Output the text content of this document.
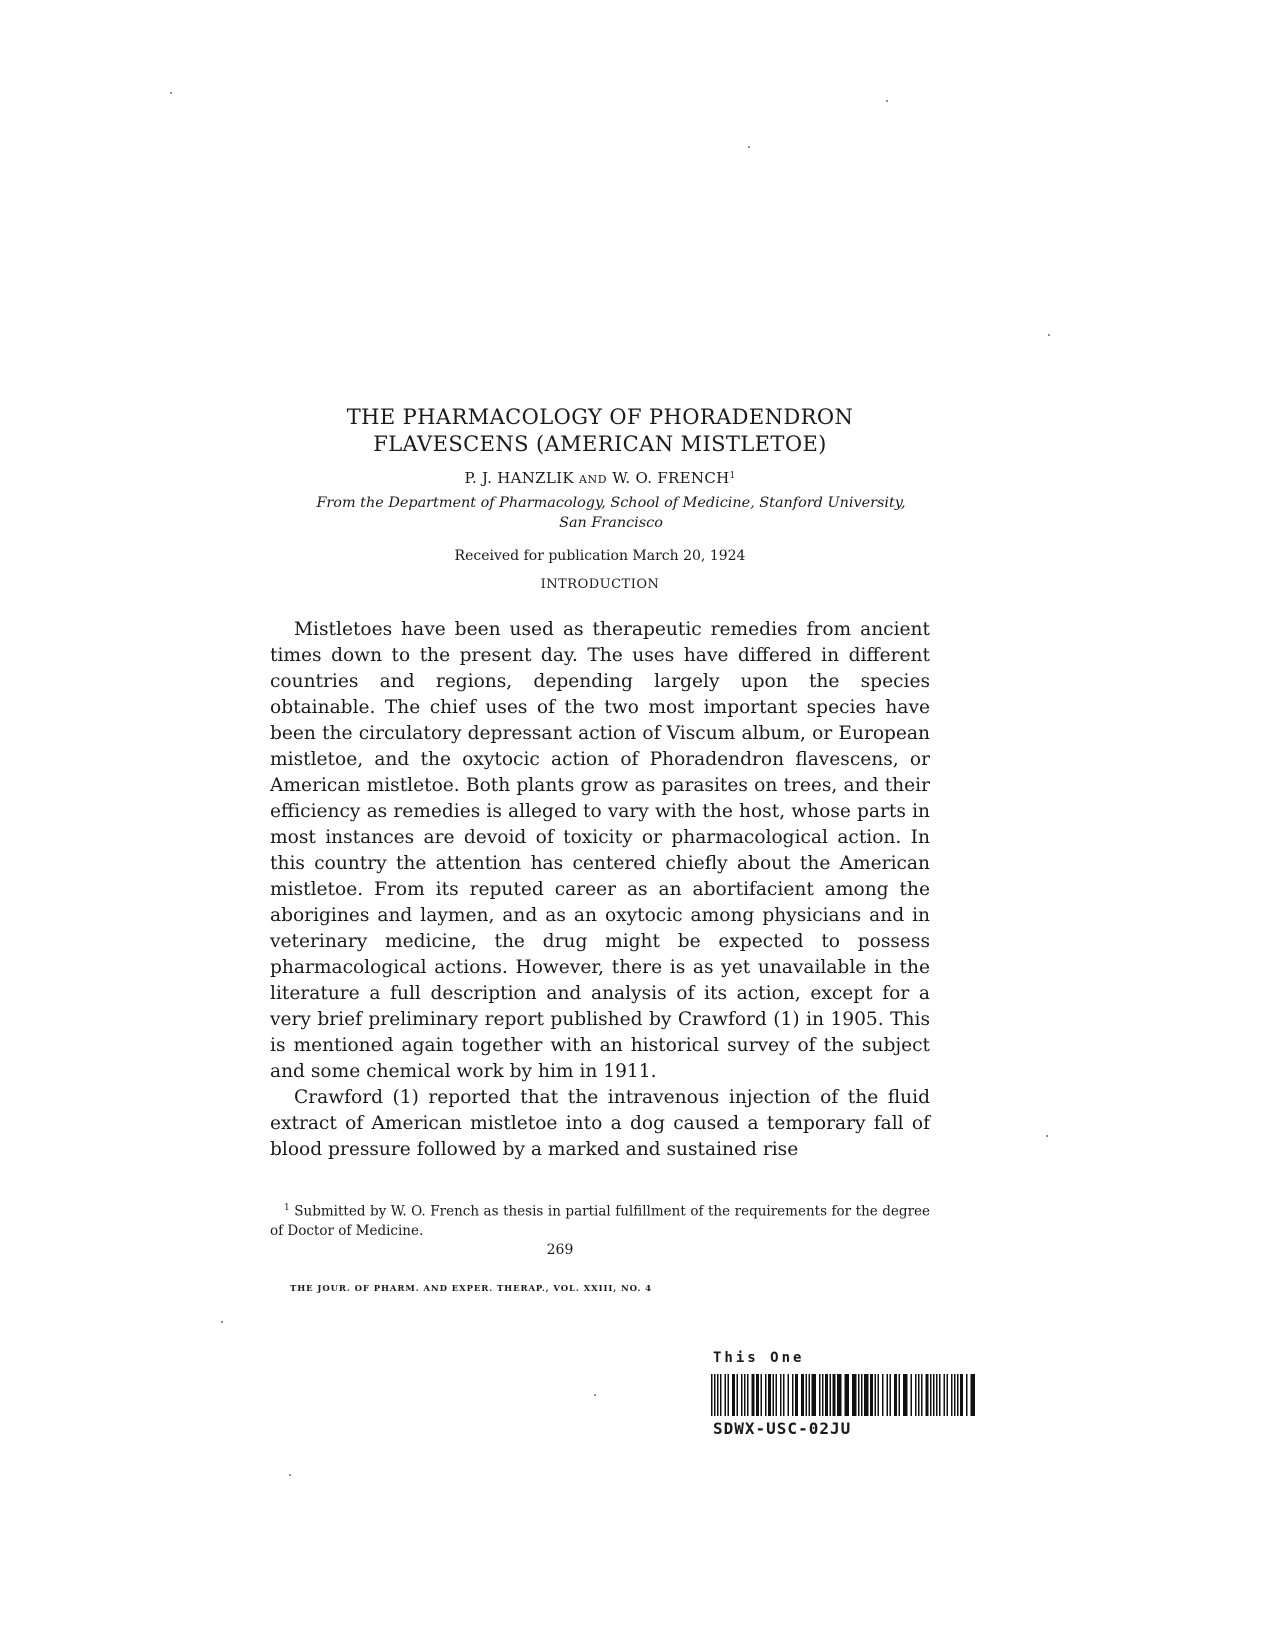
THE PHARMACOLOGY OF PHORADENDRON
FLAVESCENS (AMERICAN MISTLETOE)
P. J. HANZLIK AND W. O. FRENCH$^1$
From the Department of Pharmacology, School of Medicine, Stanford University,
San Francisco
Received for publication March 20, 1924
INTRODUCTION

Mistletoes have been used as therapeutic remedies from ancient times down to the present day. The uses have differed in different countries and regions, depending largely upon the species obtainable. The chief uses of the two most important species have been the circulatory depressant action of Viscum album, or European mistletoe, and the oxytocic action of Phoradendron flavescens, or American mistletoe. Both plants grow as parasites on trees, and their efficiency as remedies is alleged to vary with the host, whose parts in most instances are devoid of toxicity or pharmacological action. In this country the attention has centered chiefly about the American mistletoe. From its reputed career as an abortifacient among the aborigines and laymen, and as an oxytocic among physicians and in veterinary medicine, the drug might be expected to possess pharmacological actions. However, there is as yet unavailable in the literature a full description and analysis of its action, except for a very brief preliminary report published by Crawford (1) in 1905. This is mentioned again together with an historical survey of the subject and some chemical work by him in 1911.

Crawford (1) reported that the intravenous injection of the fluid extract of American mistletoe into a dog caused a temporary fall of blood pressure followed by a marked and sustained rise

$^1$ Submitted by W. O. French as thesis in partial fulfillment of the requirements for the degree of Doctor of Medicine.

269
THE JOUR. OF PHARM. AND EXPER. THERAP., VOL. XXIII, NO. 4
This One
SDWX-USC-02JU
